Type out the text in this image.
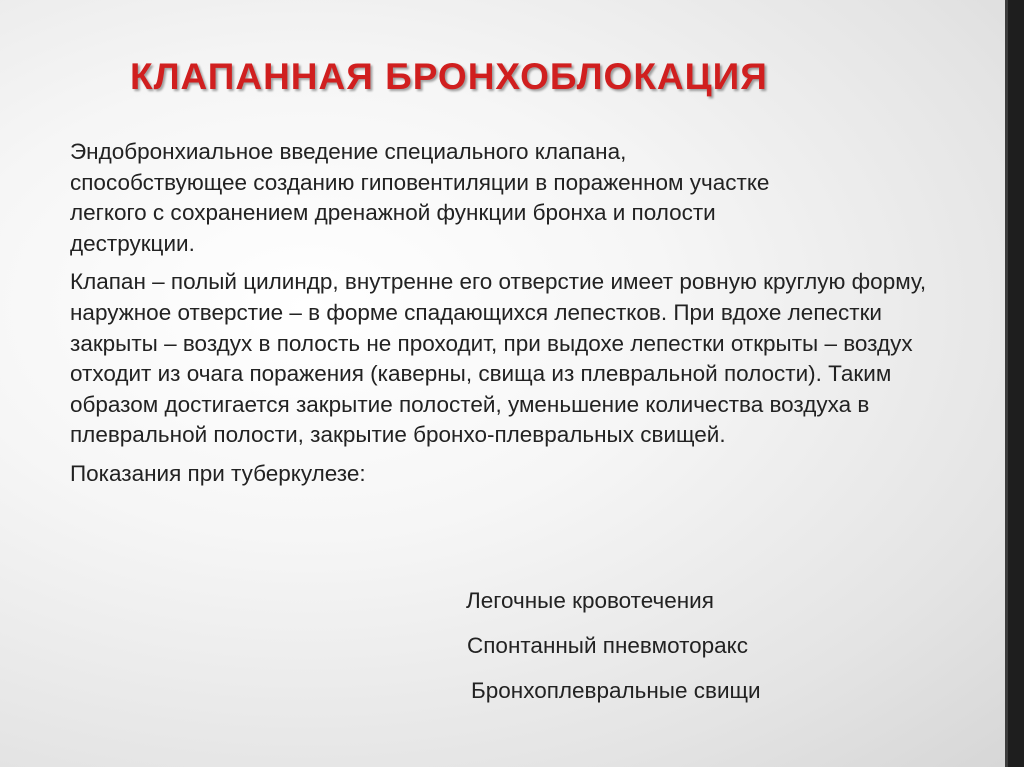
КЛАПАННАЯ БРОНХОБЛОКАЦИЯ

Эндобронхиальное введение специального клапана, способствующее созданию гиповентиляции в пораженном участке легкого с сохранением дренажной функции бронха и полости деструкции.

Клапан – полый цилиндр, внутренне его отверстие имеет ровную круглую форму, наружное отверстие – в форме спадающихся лепестков. При вдохе лепестки закрыты – воздух в полость не проходит, при выдохе лепестки открыты – воздух отходит из очага поражения (каверны, свища из плевральной полости). Таким образом достигается закрытие полостей, уменьшение количества воздуха в плевральной полости, закрытие бронхо-плевральных свищей.

Показания при туберкулезе:

Легочные кровотечения
Спонтанный пневмоторакс
Бронхоплевральные свищи
